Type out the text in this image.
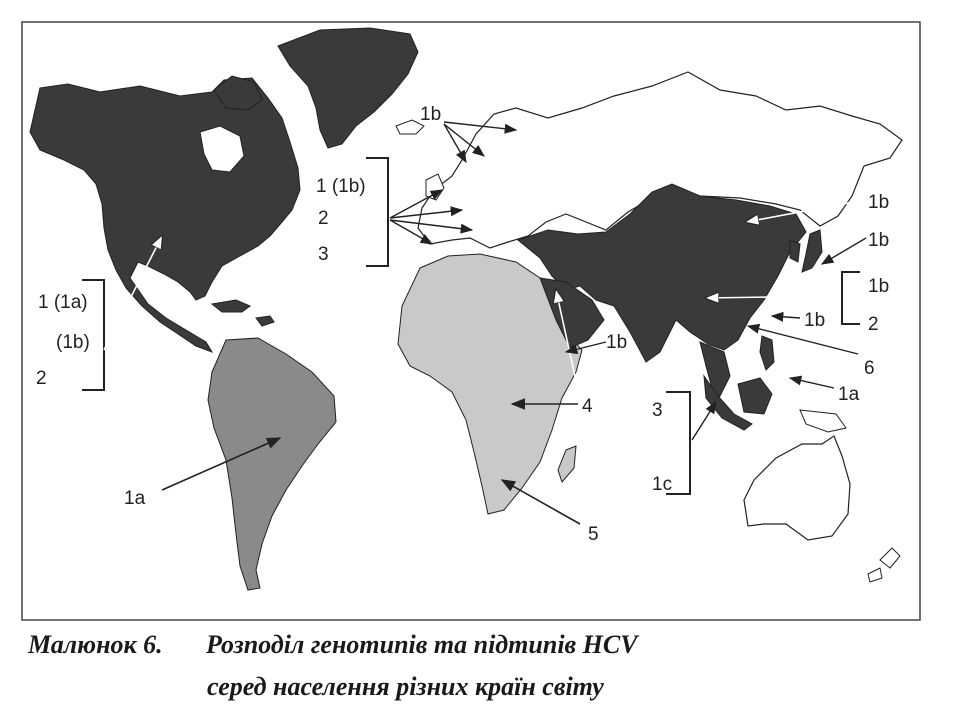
1 (1a)
(1b)
2
1a
1b
1 (1b)
2
3
1b
4
5
1b
1b
1b
2
1b
6
1a
3
1c
Малюнок 6. Розподіл генотипів та підтипів HCV
серед населення різних країн світу
